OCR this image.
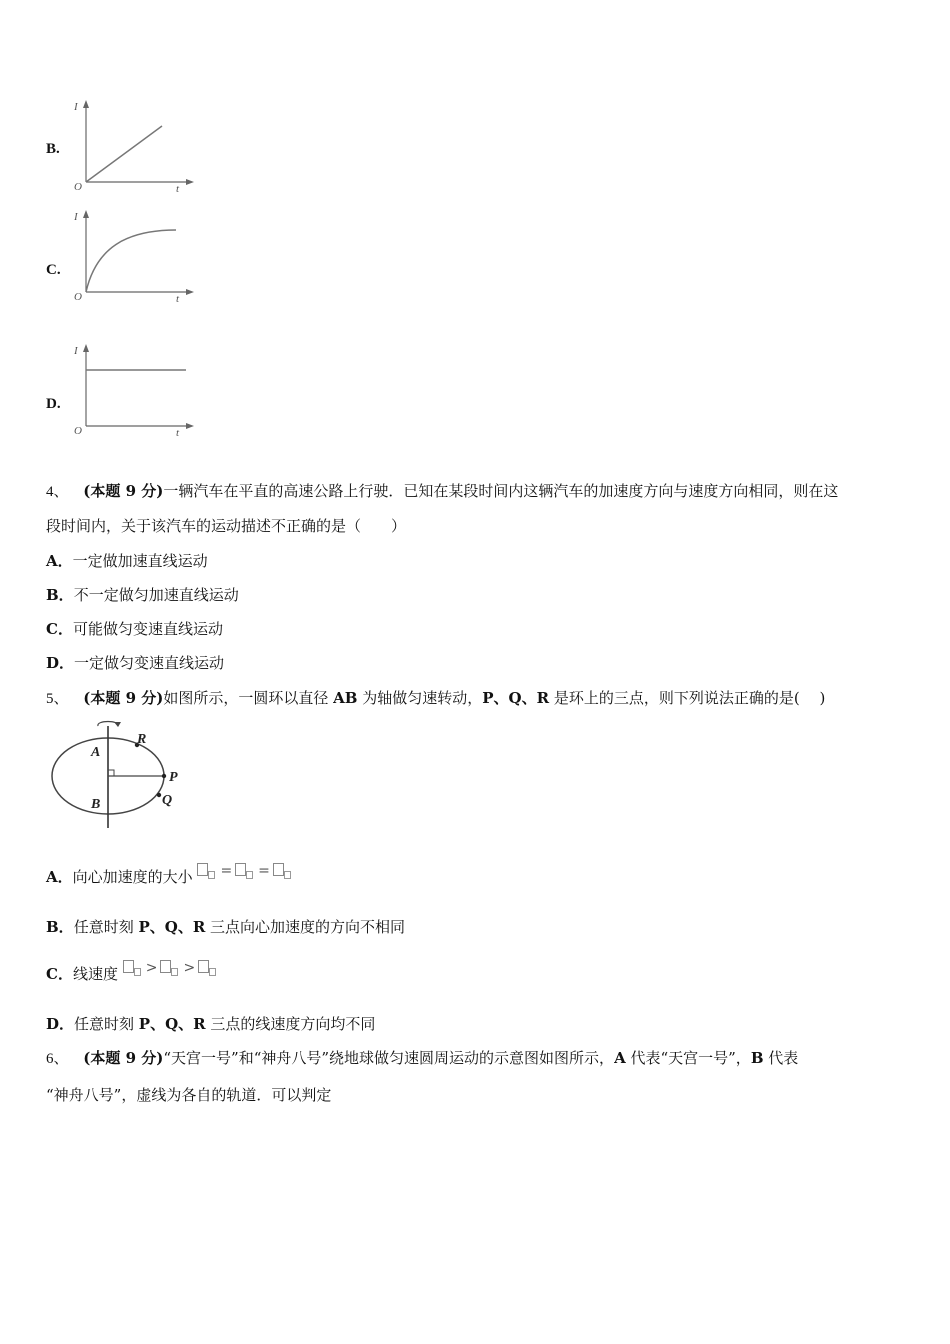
B.
I
O	t
C.
I
O	t
D.
I
O	t
4、 (本题 9 分)一辆汽车在平直的高速公路上行驶．已知在某段时间内这辆汽车的加速度方向与速度方向相同，则在这
段时间内，关于该汽车的运动描述不正确的是（　　）
A．一定做加速直线运动
B．不一定做匀加速直线运动
C．可能做匀变速直线运动
D．一定做匀变速直线运动
5、 (本题 9 分)如图所示，一圆环以直径 AB 为轴做匀速转动，P、Q、R 是环上的三点，则下列说法正确的是(　 )
A
B
R
P
Q
A．向心加速度的大小 = =
B．任意时刻 P、Q、R 三点向心加速度的方向不相同
C．线速度 > >
D．任意时刻 P、Q、R 三点的线速度方向均不同
6、 (本题 9 分)“天宫一号”和“神舟八号”绕地球做匀速圆周运动的示意图如图所示，A 代表“天宫一号”，B 代表
“神舟八号”，虚线为各自的轨道．可以判定
